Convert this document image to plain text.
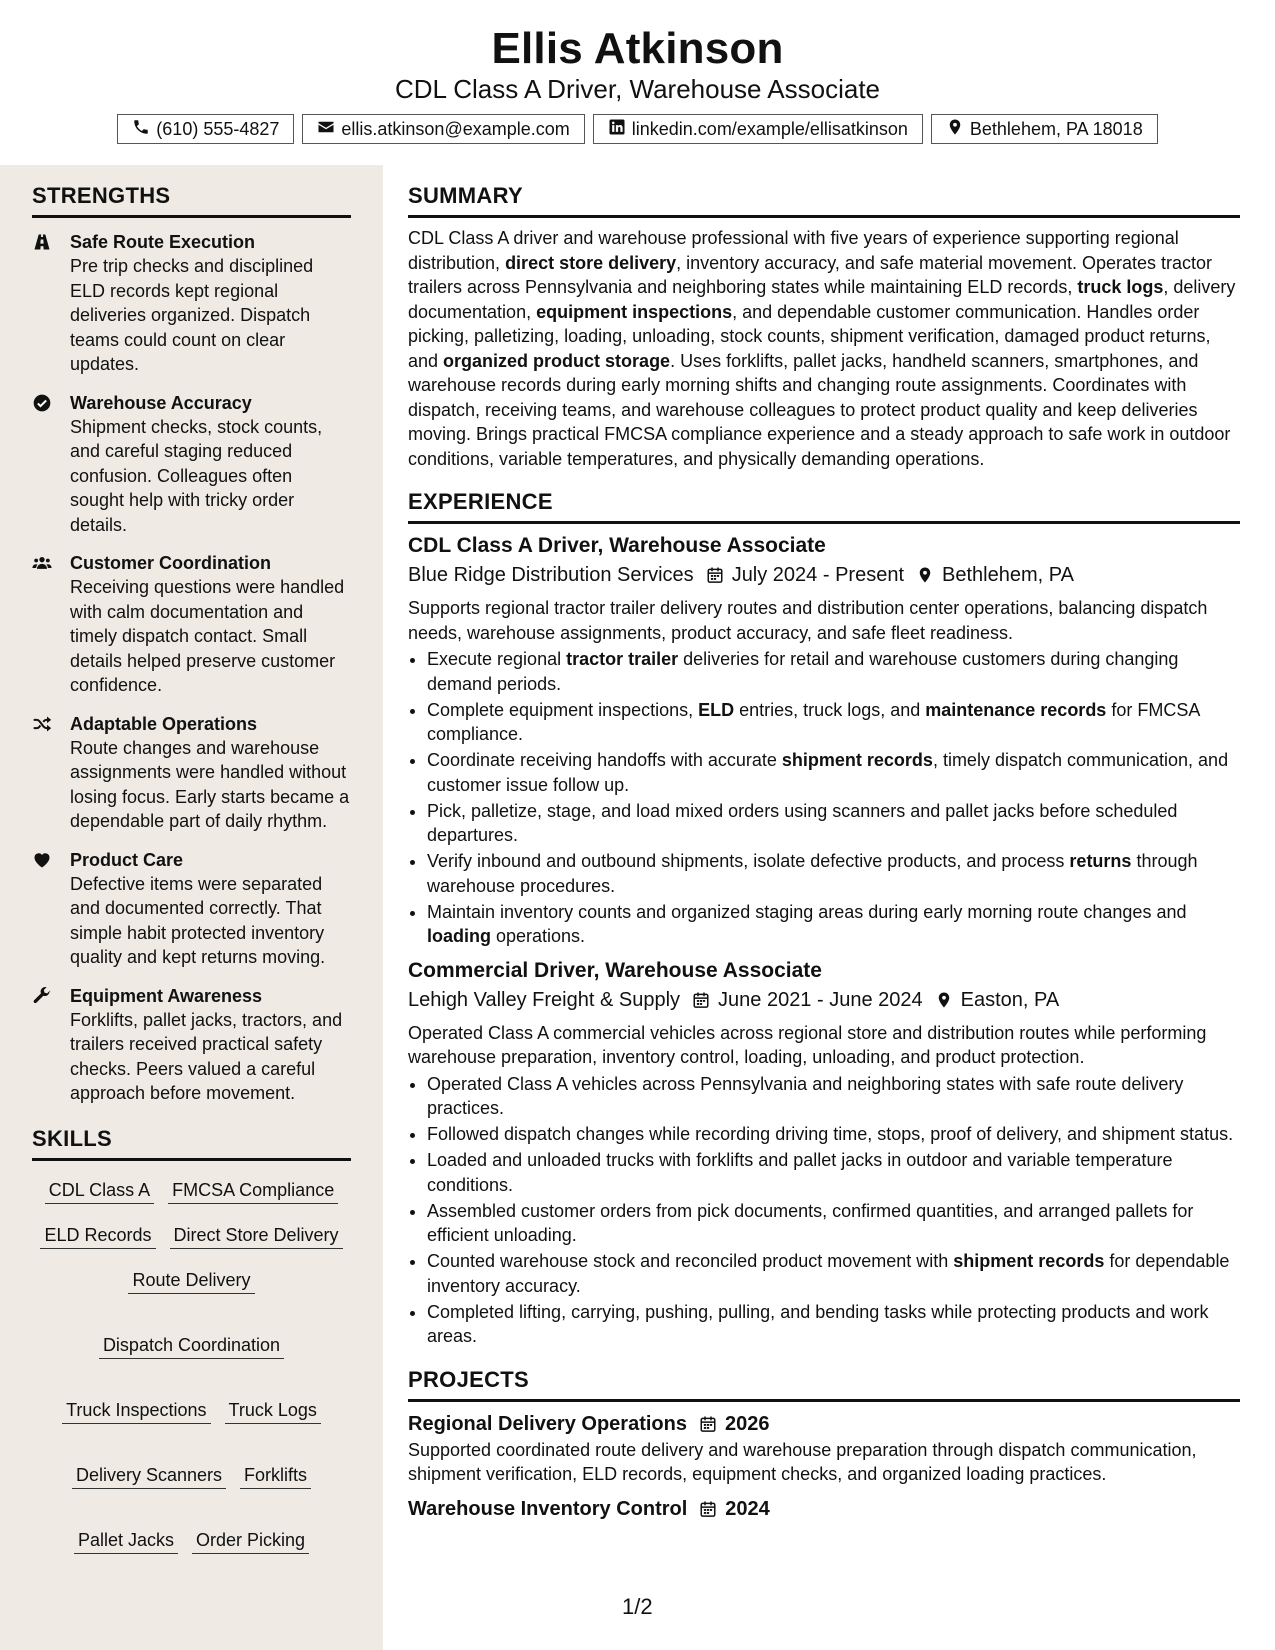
Ellis Atkinson
CDL Class A Driver, Warehouse Associate
(610) 555-4827	ellis.atkinson@example.com	linkedin.com/example/ellisatkinson	Bethlehem, PA 18018
STRENGTHS
Safe Route Execution
Pre trip checks and disciplined ELD records kept regional deliveries organized. Dispatch teams could count on clear updates.
Warehouse Accuracy
Shipment checks, stock counts, and careful staging reduced confusion. Colleagues often sought help with tricky order details.
Customer Coordination
Receiving questions were handled with calm documentation and timely dispatch contact. Small details helped preserve customer confidence.
Adaptable Operations
Route changes and warehouse assignments were handled without losing focus. Early starts became a dependable part of daily rhythm.
Product Care
Defective items were separated and documented correctly. That simple habit protected inventory quality and kept returns moving.
Equipment Awareness
Forklifts, pallet jacks, tractors, and trailers received practical safety checks. Peers valued a careful approach before movement.
SKILLS
CDL Class A FMCSA Compliance
ELD Records Direct Store Delivery
Route Delivery
Dispatch Coordination
Truck Inspections Truck Logs
Delivery Scanners Forklifts
Pallet Jacks Order Picking
SUMMARY
CDL Class A driver and warehouse professional with five years of experience supporting regional distribution, direct store delivery, inventory accuracy, and safe material movement. Operates tractor trailers across Pennsylvania and neighboring states while maintaining ELD records, truck logs, delivery documentation, equipment inspections, and dependable customer communication. Handles order picking, palletizing, loading, unloading, stock counts, shipment verification, damaged product returns, and organized product storage. Uses forklifts, pallet jacks, handheld scanners, smartphones, and warehouse records during early morning shifts and changing route assignments. Coordinates with dispatch, receiving teams, and warehouse colleagues to protect product quality and keep deliveries moving. Brings practical FMCSA compliance experience and a steady approach to safe work in outdoor conditions, variable temperatures, and physically demanding operations.
EXPERIENCE
CDL Class A Driver, Warehouse Associate
Blue Ridge Distribution Services July 2024 - Present Bethlehem, PA
Supports regional tractor trailer delivery routes and distribution center operations, balancing dispatch needs, warehouse assignments, product accuracy, and safe fleet readiness.
• Execute regional tractor trailer deliveries for retail and warehouse customers during changing demand periods.
• Complete equipment inspections, ELD entries, truck logs, and maintenance records for FMCSA compliance.
• Coordinate receiving handoffs with accurate shipment records, timely dispatch communication, and customer issue follow up.
• Pick, palletize, stage, and load mixed orders using scanners and pallet jacks before scheduled departures.
• Verify inbound and outbound shipments, isolate defective products, and process returns through warehouse procedures.
• Maintain inventory counts and organized staging areas during early morning route changes and loading operations.
Commercial Driver, Warehouse Associate
Lehigh Valley Freight & Supply June 2021 - June 2024 Easton, PA
Operated Class A commercial vehicles across regional store and distribution routes while performing warehouse preparation, inventory control, loading, unloading, and product protection.
• Operated Class A vehicles across Pennsylvania and neighboring states with safe route delivery practices.
• Followed dispatch changes while recording driving time, stops, proof of delivery, and shipment status.
• Loaded and unloaded trucks with forklifts and pallet jacks in outdoor and variable temperature conditions.
• Assembled customer orders from pick documents, confirmed quantities, and arranged pallets for efficient unloading.
• Counted warehouse stock and reconciled product movement with shipment records for dependable inventory accuracy.
• Completed lifting, carrying, pushing, pulling, and bending tasks while protecting products and work areas.
PROJECTS
Regional Delivery Operations 2026
Supported coordinated route delivery and warehouse preparation through dispatch communication, shipment verification, ELD records, equipment checks, and organized loading practices.
Warehouse Inventory Control 2024
1/2
